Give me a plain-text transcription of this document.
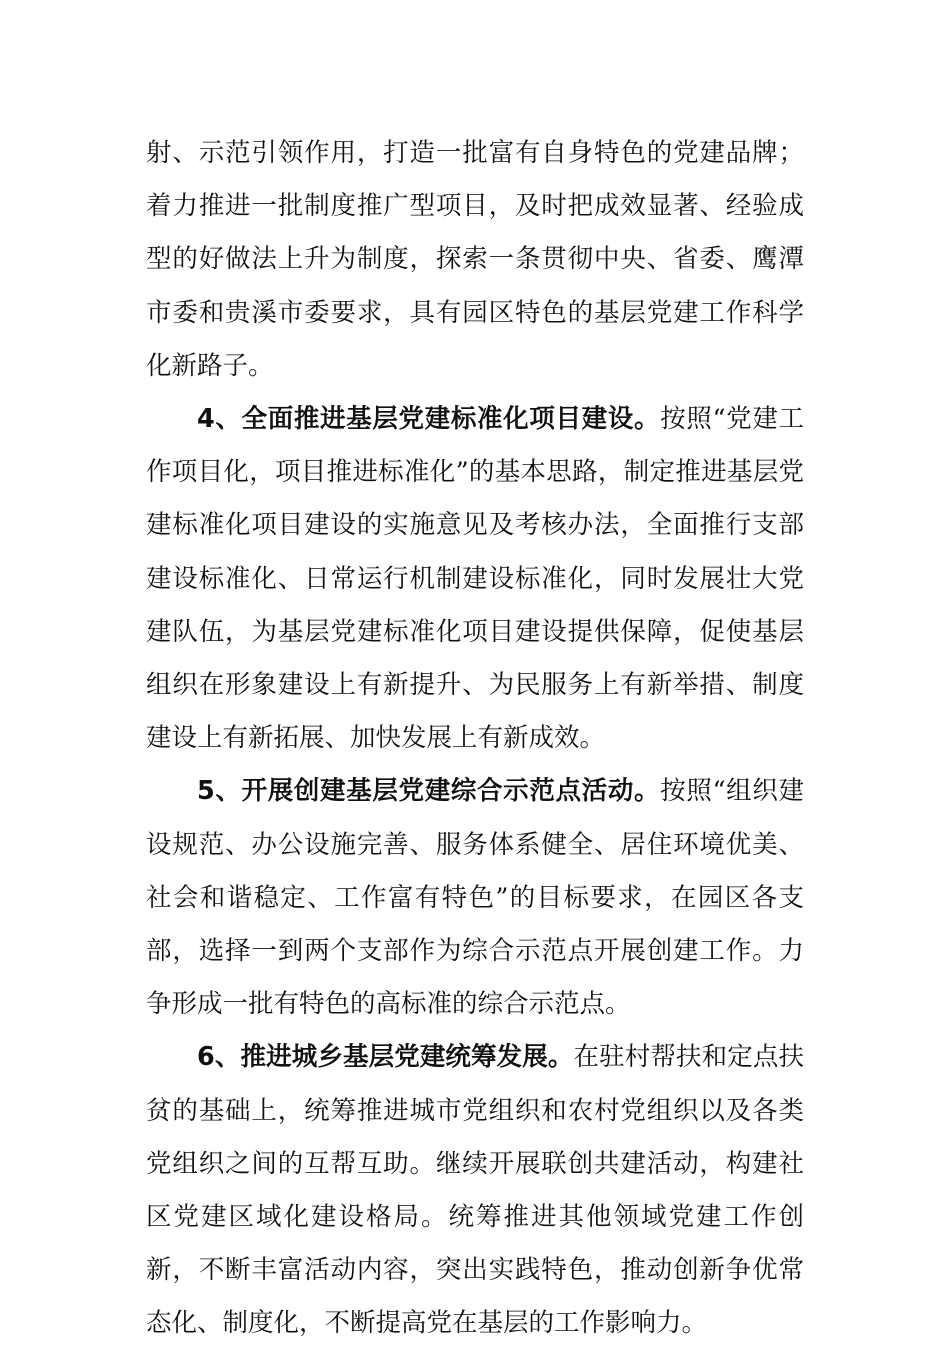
射、示范引领作用，打造一批富有自身特色的党建品牌；着力推进一批制度推广型项目，及时把成效显著、经验成型的好做法上升为制度，探索一条贯彻中央、省委、鹰潭市委和贵溪市委要求，具有园区特色的基层党建工作科学化新路子。

4、全面推进基层党建标准化项目建设。按照“党建工作项目化，项目推进标准化”的基本思路，制定推进基层党建标准化项目建设的实施意见及考核办法，全面推行支部建设标准化、日常运行机制建设标准化，同时发展壮大党建队伍，为基层党建标准化项目建设提供保障，促使基层组织在形象建设上有新提升、为民服务上有新举措、制度建设上有新拓展、加快发展上有新成效。

5、开展创建基层党建综合示范点活动。按照“组织建设规范、办公设施完善、服务体系健全、居住环境优美、社会和谐稳定、工作富有特色”的目标要求，在园区各支部，选择一到两个支部作为综合示范点开展创建工作。力争形成一批有特色的高标准的综合示范点。

6、推进城乡基层党建统筹发展。在驻村帮扶和定点扶贫的基础上，统筹推进城市党组织和农村党组织以及各类党组织之间的互帮互助。继续开展联创共建活动，构建社区党建区域化建设格局。统筹推进其他领域党建工作创新，不断丰富活动内容，突出实践特色，推动创新争优常态化、制度化，不断提高党在基层的工作影响力。
